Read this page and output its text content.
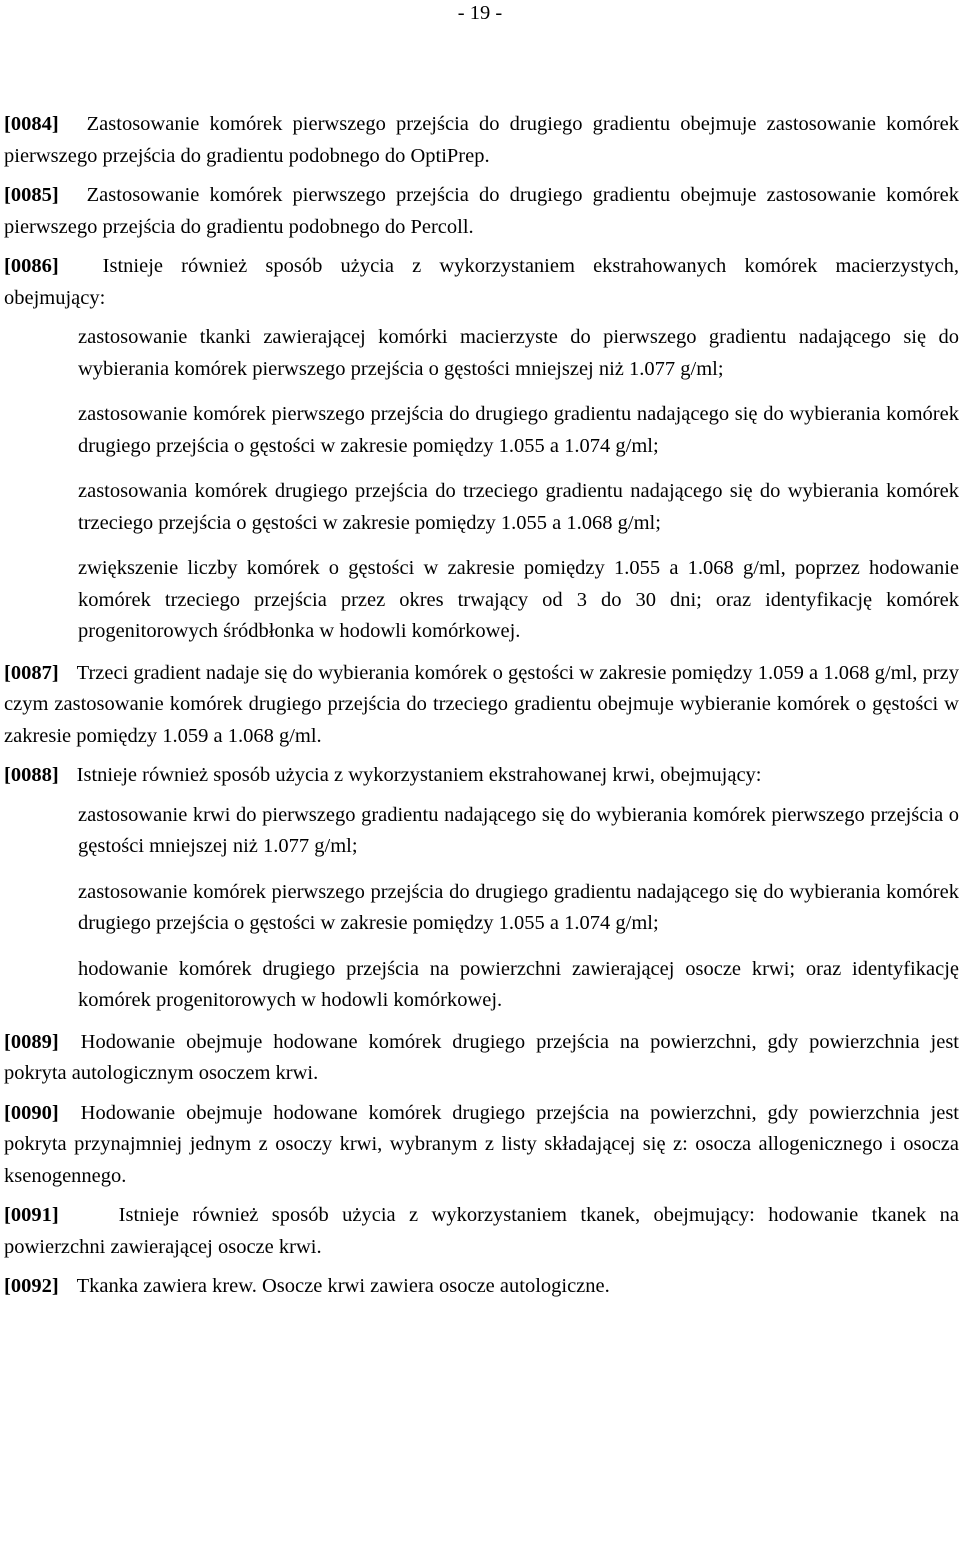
- 19 -

[0084] Zastosowanie komórek pierwszego przejścia do drugiego gradientu obejmuje zastosowanie komórek pierwszego przejścia do gradientu podobnego do OptiPrep.

[0085] Zastosowanie komórek pierwszego przejścia do drugiego gradientu obejmuje zastosowanie komórek pierwszego przejścia do gradientu podobnego do Percoll.

[0086] Istnieje również sposób użycia z wykorzystaniem ekstrahowanych komórek macierzystych, obejmujący:

zastosowanie tkanki zawierającej komórki macierzyste do pierwszego gradientu nadającego się do wybierania komórek pierwszego przejścia o gęstości mniejszej niż 1.077 g/ml;
zastosowanie komórek pierwszego przejścia do drugiego gradientu nadającego się do wybierania komórek drugiego przejścia o gęstości w zakresie pomiędzy 1.055 a 1.074 g/ml;
zastosowania komórek drugiego przejścia do trzeciego gradientu nadającego się do wybierania komórek trzeciego przejścia o gęstości w zakresie pomiędzy 1.055 a 1.068 g/ml;
zwiększenie liczby komórek o gęstości w zakresie pomiędzy 1.055 a 1.068 g/ml, poprzez hodowanie komórek trzeciego przejścia przez okres trwający od 3 do 30 dni; oraz identyfikację komórek progenitorowych śródbłonka w hodowli komórkowej.

[0087] Trzeci gradient nadaje się do wybierania komórek o gęstości w zakresie pomiędzy 1.059 a 1.068 g/ml, przy czym zastosowanie komórek drugiego przejścia do trzeciego gradientu obejmuje wybieranie komórek o gęstości w zakresie pomiędzy 1.059 a 1.068 g/ml.

[0088] Istnieje również sposób użycia z wykorzystaniem ekstrahowanej krwi, obejmujący:

zastosowanie krwi do pierwszego gradientu nadającego się do wybierania komórek pierwszego przejścia o gęstości mniejszej niż 1.077 g/ml;
zastosowanie komórek pierwszego przejścia do drugiego gradientu nadającego się do wybierania komórek drugiego przejścia o gęstości w zakresie pomiędzy 1.055 a 1.074 g/ml;
hodowanie komórek drugiego przejścia na powierzchni zawierającej osocze krwi; oraz identyfikację komórek progenitorowych w hodowli komórkowej.

[0089] Hodowanie obejmuje hodowane komórek drugiego przejścia na powierzchni, gdy powierzchnia jest pokryta autologicznym osoczem krwi.

[0090] Hodowanie obejmuje hodowane komórek drugiego przejścia na powierzchni, gdy powierzchnia jest pokryta przynajmniej jednym z osoczy krwi, wybranym z listy składającej się z: osocza allogenicznego i osocza ksenogennego.

[0091]	Istnieje również sposób użycia z wykorzystaniem tkanek, obejmujący: hodowanie tkanek na powierzchni zawierającej osocze krwi.

[0092] Tkanka zawiera krew. Osocze krwi zawiera osocze autologiczne.
